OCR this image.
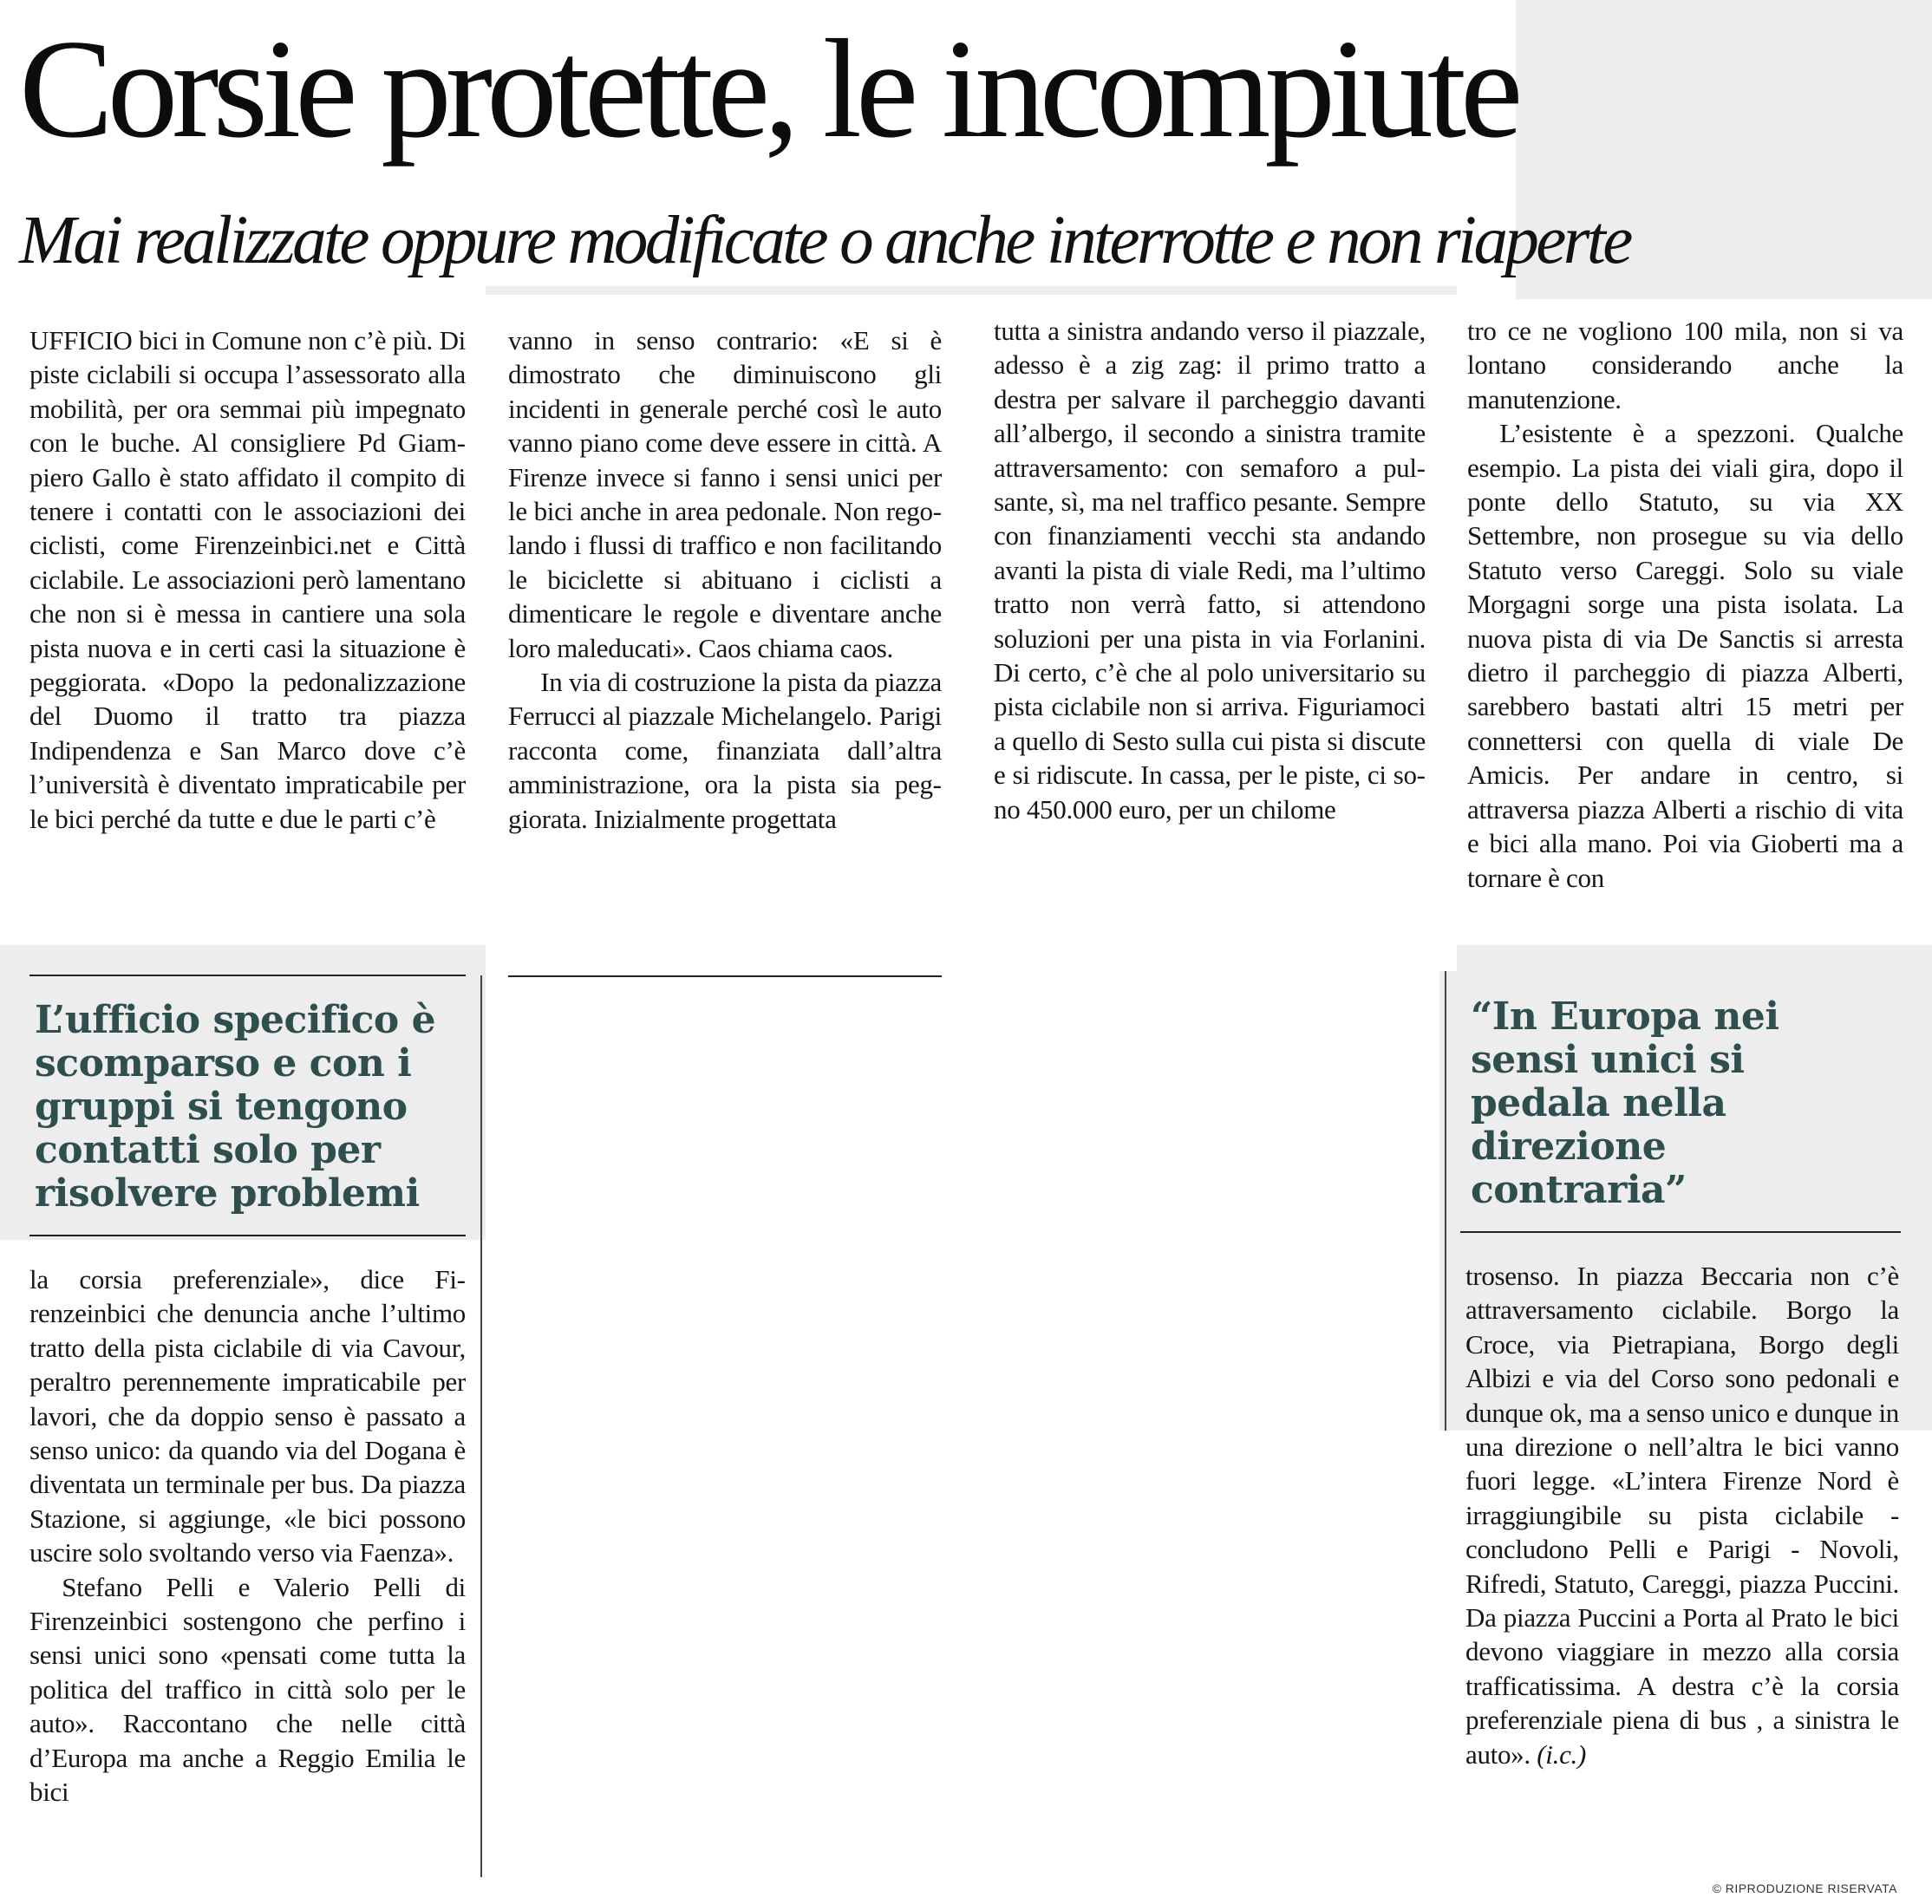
Corsie protette, le incompiute
Mai realizzate oppure modificate o anche interrotte e non riaperte

UFFICIO bici in Comune non c’è più. Di piste ciclabili si occupa l’assessorato alla mobilità, per ora semmai più impegnato con le buche. Al consigliere Pd Giampiero Gallo è stato affidato il compito di tenere i contatti con le associazioni dei ciclisti, come Firenzeinbici.net e Città ciclabile. Le associazioni però lamentano che non si è messa in cantiere una sola pista nuova e in certi casi la situazione è peggiorata. «Dopo la pedonalizzazione del Duomo il tratto tra piazza Indipendenza e San Marco dove c’è l’università è diventato impraticabile per le bici perché da tutte e due le parti c’è

L’ufficio specifico è scomparso e con i gruppi si tengono contatti solo per risolvere problemi

la corsia preferenziale», dice Firenzeinbici che denuncia anche l’ultimo tratto della pista ciclabile di via Cavour, peraltro perennemente impraticabile per lavori, che da doppio senso è passato a senso unico: da quando via del Dogana è diventata un terminale per bus. Da piazza Stazione, si aggiunge, «le bici possono uscire solo svoltando verso via Faenza».

Stefano Pelli e Valerio Pelli di Firenzeinbici sostengono che perfino i sensi unici sono «pensati come tutta la politica del traffico in città solo per le auto». Raccontano che nelle città d’Europa ma anche a Reggio Emilia le bici

vanno in senso contrario: «E si è dimostrato che diminuiscono gli incidenti in generale perché così le auto vanno piano come deve essere in città. A Firenze invece si fanno i sensi unici per le bici anche in area pedonale. Non regolando i flussi di traffico e non facilitando le biciclette si abituano i ciclisti a dimenticare le regole e diventare anche loro maleducati». Caos chiama caos.

In via di costruzione la pista da piazza Ferrucci al piazzale Michelangelo. Parigi racconta come, finanziata dall’altra amministrazione, ora la pista sia peggiorata. Inizialmente progettata

tutta a sinistra andando verso il piazzale, adesso è a zig zag: il primo tratto a destra per salvare il parcheggio davanti all’albergo, il secondo a sinistra tramite attraversamento: con semaforo a pulsante, sì, ma nel traffico pesante. Sempre con finanziamenti vecchi sta andando avanti la pista di viale Redi, ma l’ultimo tratto non verrà fatto, si attendono soluzioni per una pista in via Forlanini. Di certo, c’è che al polo universitario su pista ciclabile non si arriva. Figuriamoci a quello di Sesto sulla cui pista si discute e si ridiscute. In cassa, per le piste, ci sono 450.000 euro, per un chilome

tro ce ne vogliono 100 mila, non si va lontano considerando anche la manutenzione.

L’esistente è a spezzoni. Qualche esempio. La pista dei viali gira, dopo il ponte dello Statuto, su via XX Settembre, non prosegue su via dello Statuto verso Careggi. Solo su viale Morgagni sorge una pista isolata. La nuova pista di via De Sanctis si arresta dietro il parcheggio di piazza Alberti, sarebbero bastati altri 15 metri per connettersi con quella di viale De Amicis. Per andare in centro, si attraversa piazza Alberti a rischio di vita e bici alla mano. Poi via Gioberti ma a tornare è con

“In Europa nei sensi unici si pedala nella direzione contraria”

trosenso. In piazza Beccaria non c’è attraversamento ciclabile. Borgo la Croce, via Pietrapiana, Borgo degli Albizi e via del Corso sono pedonali e dunque ok, ma a senso unico e dunque in una direzione o nell’altra le bici vanno fuori legge. «L’intera Firenze Nord è irraggiungibile su pista ciclabile - concludono Pelli e Parigi - Novoli, Rifredi, Statuto, Careggi, piazza Puccini. Da piazza Puccini a Porta al Prato le bici devono viaggiare in mezzo alla corsia trafficatissima. A destra c’è la corsia preferenziale piena di bus , a sinistra le auto». (i.c.)

© RIPRODUZIONE RISERVATA
